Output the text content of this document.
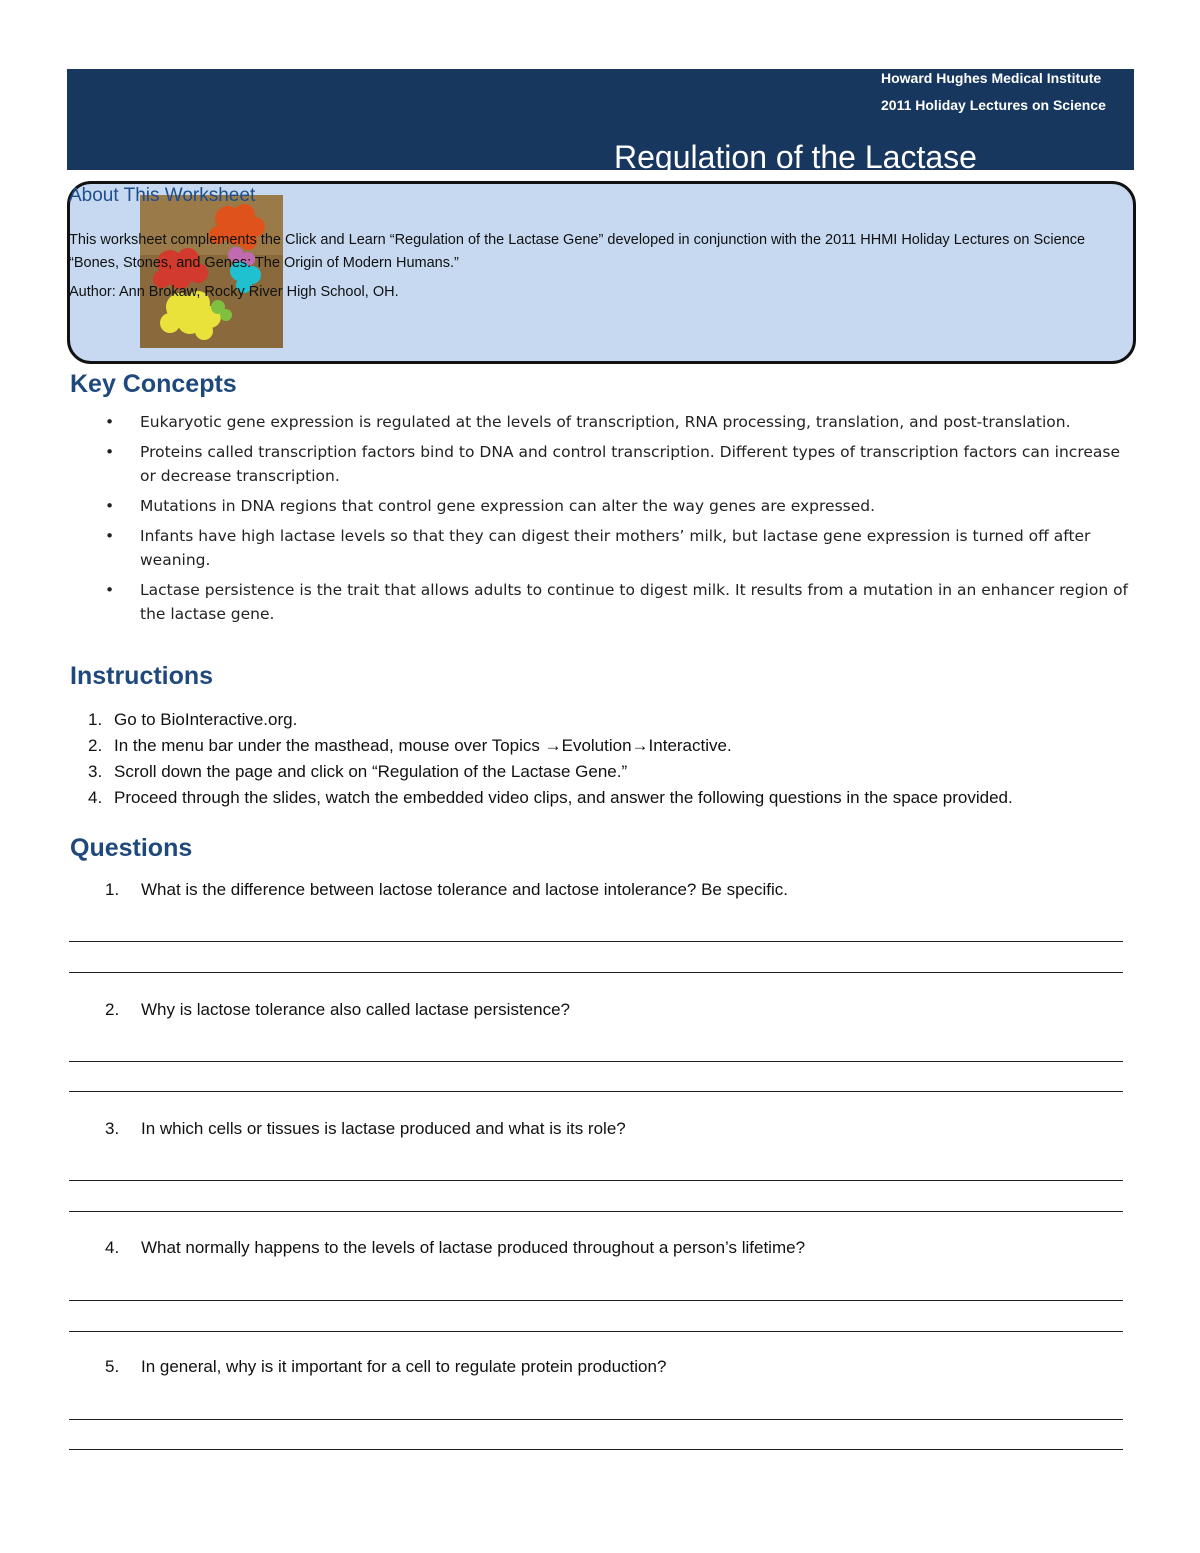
Howard Hughes Medical Institute
2011 Holiday Lectures on Science
Regulation of the Lactase
About This Worksheet
This worksheet complements the Click and Learn “Regulation of the Lactase Gene” developed in conjunction with the 2011 HHMI Holiday Lectures on Science “Bones, Stones, and Genes: The Origin of Modern Humans.”
Author: Ann Brokaw, Rocky River High School, OH.
Key Concepts
• Eukaryotic gene expression is regulated at the levels of transcription, RNA processing, translation, and post-translation.
• Proteins called transcription factors bind to DNA and control transcription. Different types of transcription factors can increase or decrease transcription.
• Mutations in DNA regions that control gene expression can alter the way genes are expressed.
• Infants have high lactase levels so that they can digest their mothers’ milk, but lactase gene expression is turned off after weaning.
• Lactase persistence is the trait that allows adults to continue to digest milk. It results from a mutation in an enhancer region of the lactase gene.
Instructions
1. Go to BioInteractive.org.
2. In the menu bar under the masthead, mouse over Topics →Evolution→Interactive.
3. Scroll down the page and click on “Regulation of the Lactase Gene.”
4. Proceed through the slides, watch the embedded video clips, and answer the following questions in the space provided.
Questions
1. What is the difference between lactose tolerance and lactose intolerance? Be specific.
2. Why is lactose tolerance also called lactase persistence?
3. In which cells or tissues is lactase produced and what is its role?
4. What normally happens to the levels of lactase produced throughout a person’s lifetime?
5. In general, why is it important for a cell to regulate protein production?
